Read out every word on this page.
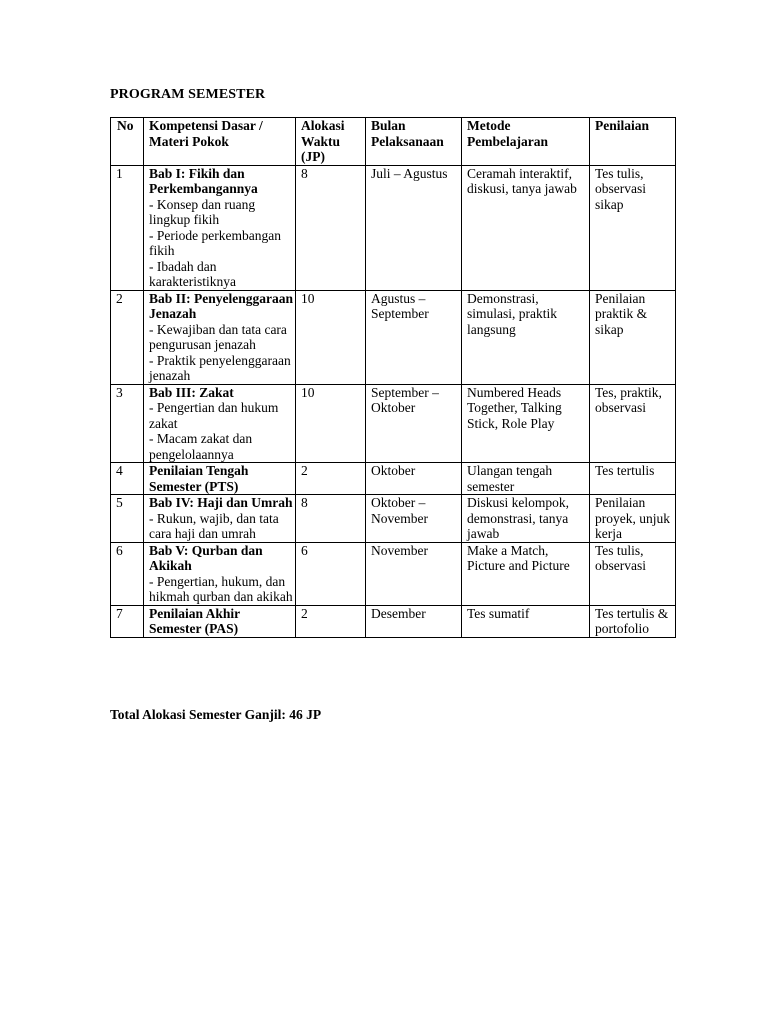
PROGRAM SEMESTER
No	Kompetensi Dasar / Materi Pokok	Alokasi Waktu (JP)	Bulan Pelaksanaan	Metode Pembelajaran	Penilaian
1	Bab I: Fikih dan Perkembangannya
- Konsep dan ruang lingkup fikih
- Periode perkembangan fikih
- Ibadah dan karakteristiknya	8	Juli – Agustus	Ceramah interaktif, diskusi, tanya jawab	Tes tulis, observasi sikap
2	Bab II: Penyelenggaraan Jenazah
- Kewajiban dan tata cara pengurusan jenazah
- Praktik penyelenggaraan jenazah	10	Agustus – September	Demonstrasi, simulasi, praktik langsung	Penilaian praktik & sikap
3	Bab III: Zakat
- Pengertian dan hukum zakat
- Macam zakat dan pengelolaannya	10	September – Oktober	Numbered Heads Together, Talking Stick, Role Play	Tes, praktik, observasi
4	Penilaian Tengah Semester (PTS)	2	Oktober	Ulangan tengah semester	Tes tertulis
5	Bab IV: Haji dan Umrah
- Rukun, wajib, dan tata cara haji dan umrah	8	Oktober – November	Diskusi kelompok, demonstrasi, tanya jawab	Penilaian proyek, unjuk kerja
6	Bab V: Qurban dan Akikah
- Pengertian, hukum, dan hikmah qurban dan akikah	6	November	Make a Match, Picture and Picture	Tes tulis, observasi
7	Penilaian Akhir Semester (PAS)	2	Desember	Tes sumatif	Tes tertulis & portofolio
Total Alokasi Semester Ganjil: 46 JP
